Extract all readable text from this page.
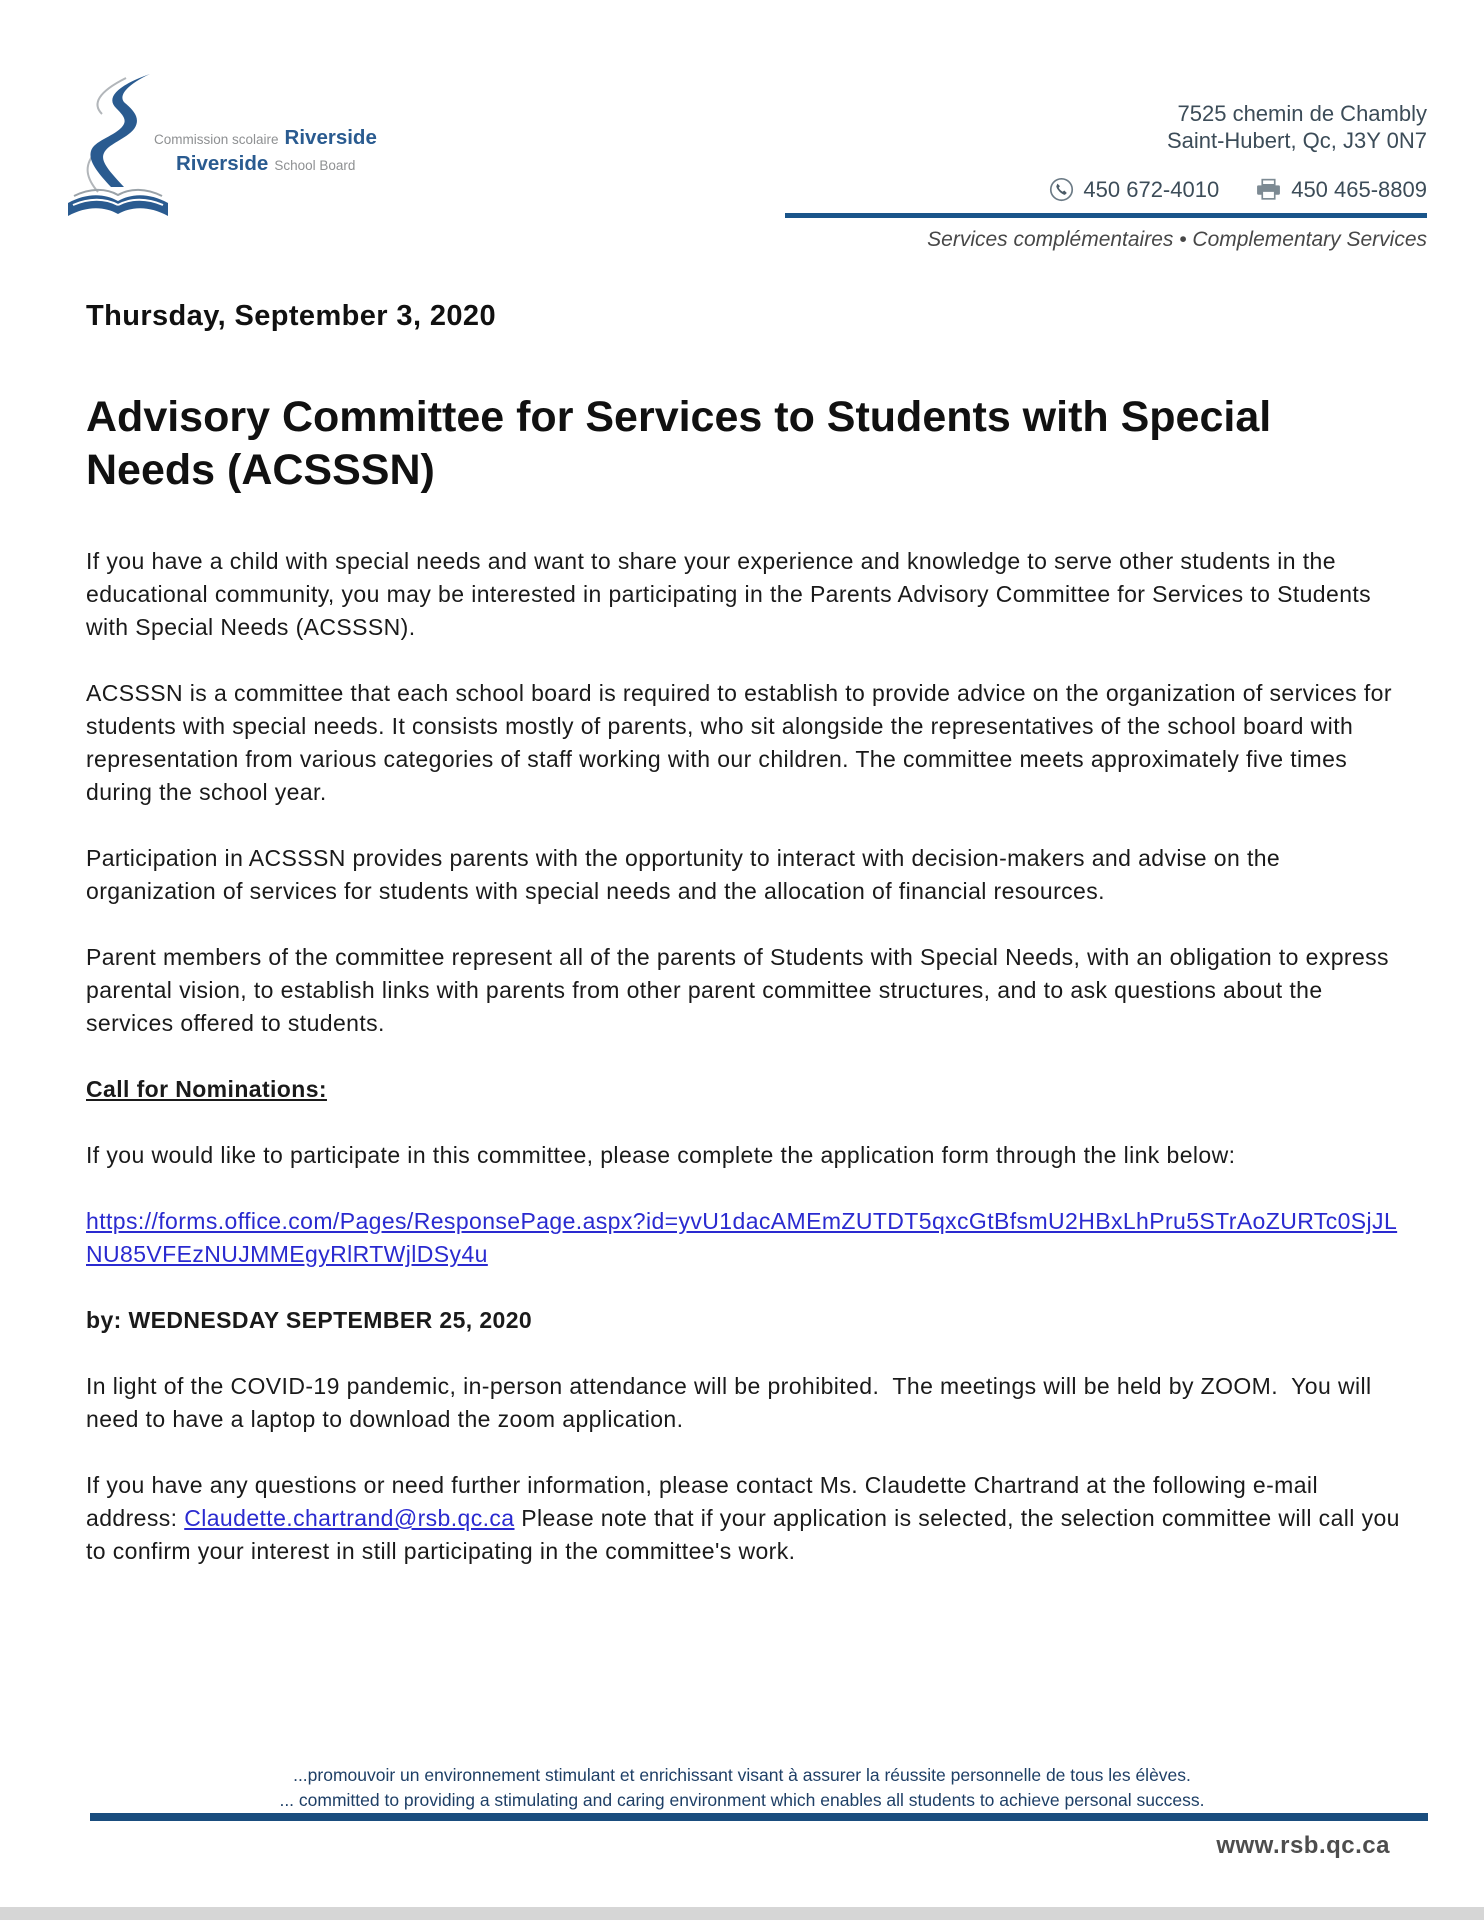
Commission scolaire Riverside
Riverside School Board
7525 chemin de Chambly
Saint-Hubert, Qc, J3Y 0N7
450 672-4010	450 465-8809
Services complémentaires • Complementary Services

Thursday, September 3, 2020

Advisory Committee for Services to Students with Special Needs (ACSSSN)

If you have a child with special needs and want to share your experience and knowledge to serve other students in the educational community, you may be interested in participating in the Parents Advisory Committee for Services to Students with Special Needs (ACSSSN).

ACSSSN is a committee that each school board is required to establish to provide advice on the organization of services for students with special needs. It consists mostly of parents, who sit alongside the representatives of the school board with representation from various categories of staff working with our children. The committee meets approximately five times during the school year.

Participation in ACSSSN provides parents with the opportunity to interact with decision-makers and advise on the organization of services for students with special needs and the allocation of financial resources.

Parent members of the committee represent all of the parents of Students with Special Needs, with an obligation to express parental vision, to establish links with parents from other parent committee structures, and to ask questions about the services offered to students.

Call for Nominations:

If you would like to participate in this committee, please complete the application form through the link below:

https://forms.office.com/Pages/ResponsePage.aspx?id=yvU1dacAMEmZUTDT5qxcGtBfsmU2HBxLhPru5STrAoZURTc0SjJLNU85VFEzNUJMMEgyRlRTWjlDSy4u

by: WEDNESDAY SEPTEMBER 25, 2020

In light of the COVID-19 pandemic, in-person attendance will be prohibited.  The meetings will be held by ZOOM.  You will need to have a laptop to download the zoom application.

If you have any questions or need further information, please contact Ms. Claudette Chartrand at the following e-mail address: Claudette.chartrand@rsb.qc.ca Please note that if your application is selected, the selection committee will call you to confirm your interest in still participating in the committee's work.

...promouvoir un environnement stimulant et enrichissant visant à assurer la réussite personnelle de tous les élèves.
... committed to providing a stimulating and caring environment which enables all students to achieve personal success.
www.rsb.qc.ca
